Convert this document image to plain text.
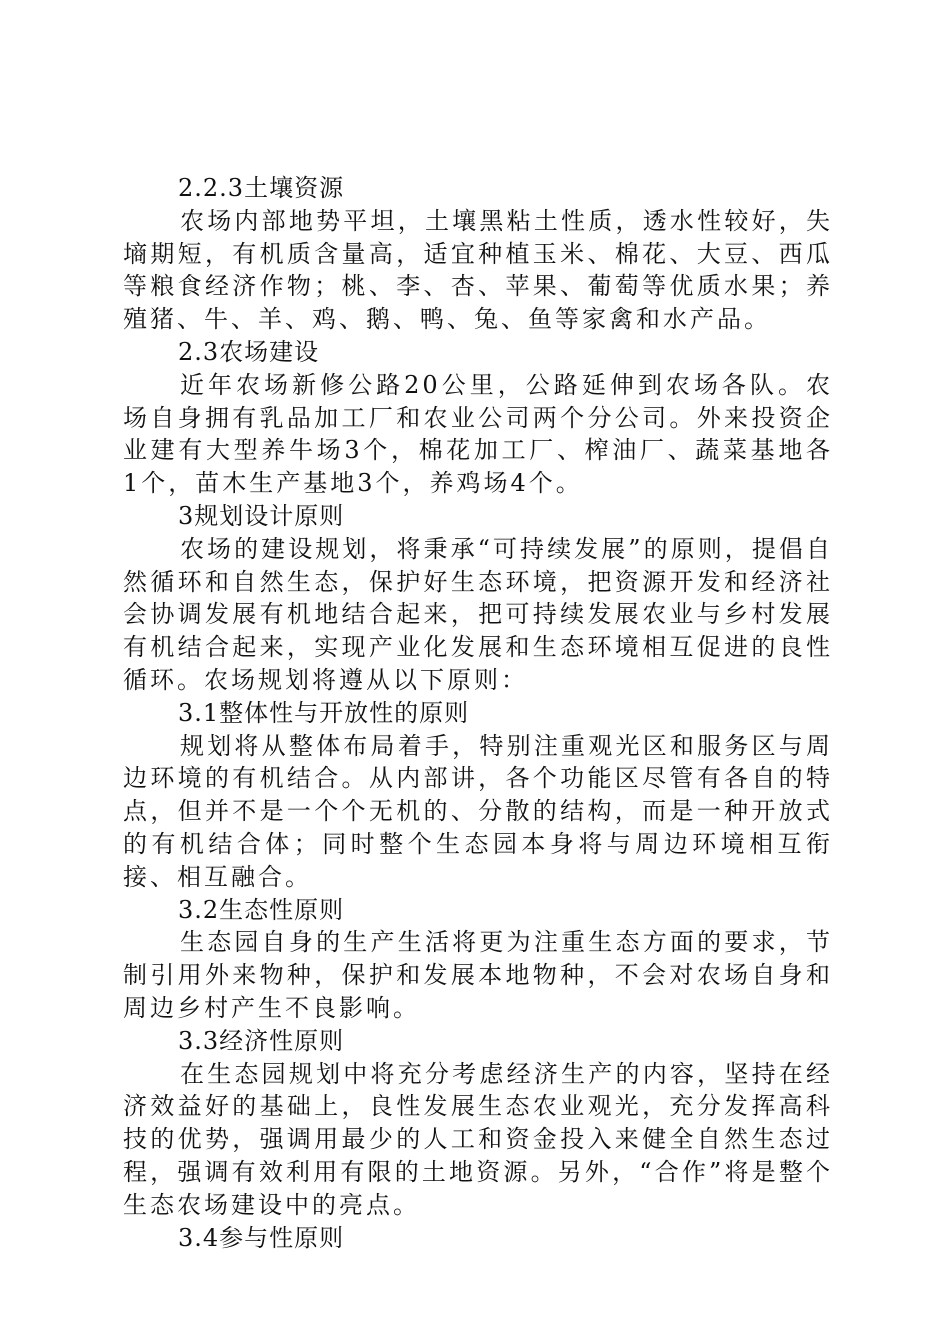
2.2.3土壤资源

农场内部地势平坦，土壤黑粘土性质，透水性较好，失墒期短，有机质含量高，适宜种植玉米、棉花、大豆、西瓜等粮食经济作物；桃、李、杏、苹果、葡萄等优质水果；养殖猪、牛、羊、鸡、鹅、鸭、兔、鱼等家禽和水产品。

2.3农场建设

近年农场新修公路20公里，公路延伸到农场各队。农场自身拥有乳品加工厂和农业公司两个分公司。外来投资企业建有大型养牛场3个，棉花加工厂、榨油厂、蔬菜基地各1个，苗木生产基地3个，养鸡场4个。

3规划设计原则

农场的建设规划，将秉承“可持续发展”的原则，提倡自然循环和自然生态，保护好生态环境，把资源开发和经济社会协调发展有机地结合起来，把可持续发展农业与乡村发展有机结合起来，实现产业化发展和生态环境相互促进的良性循环。农场规划将遵从以下原则：

3.1整体性与开放性的原则

规划将从整体布局着手，特别注重观光区和服务区与周边环境的有机结合。从内部讲，各个功能区尽管有各自的特点，但并不是一个个无机的、分散的结构，而是一种开放式的有机结合体；同时整个生态园本身将与周边环境相互衔接、相互融合。

3.2生态性原则

生态园自身的生产生活将更为注重生态方面的要求，节制引用外来物种，保护和发展本地物种，不会对农场自身和周边乡村产生不良影响。

3.3经济性原则

在生态园规划中将充分考虑经济生产的内容，坚持在经济效益好的基础上，良性发展生态农业观光，充分发挥高科技的优势，强调用最少的人工和资金投入来健全自然生态过程，强调有效利用有限的土地资源。另外，“合作”将是整个生态农场建设中的亮点。

3.4参与性原则
